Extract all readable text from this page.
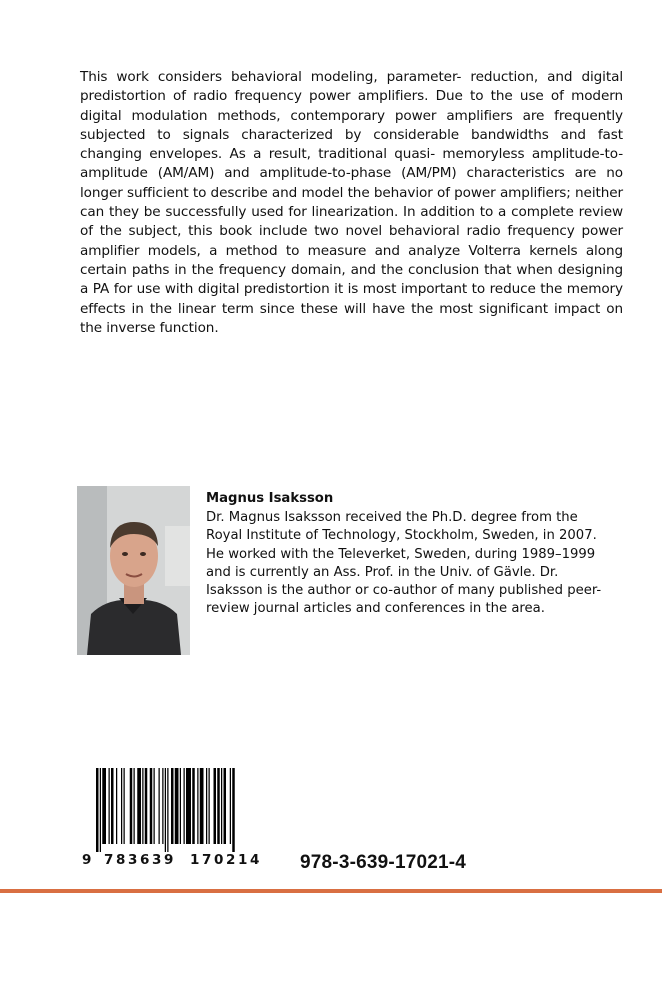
This work considers behavioral modeling, parameter- reduction, and digital predistortion of radio frequency power amplifiers. Due to the use of modern digital modulation methods, contemporary power amplifiers are frequently subjected to signals characterized by considerable bandwidths and fast changing envelopes. As a result, traditional quasi- memoryless amplitude-to-amplitude (AM/AM) and amplitude-to-phase (AM/PM) characteristics are no longer sufficient to describe and model the behavior of power amplifiers; neither can they be successfully used for linearization. In addition to a complete review of the subject, this book include two novel behavioral radio frequency power amplifier models, a method to measure and analyze Volterra kernels along certain paths in the frequency domain, and the conclusion that when designing a PA for use with digital predistortion it is most important to reduce the memory effects in the linear term since these will have the most significant impact on the inverse function.

Magnus Isaksson

Dr. Magnus Isaksson received the Ph.D. degree from the Royal Institute of Technology, Stockholm, Sweden, in 2007. He worked with the Televerket, Sweden, during 1989–1999 and is currently an Ass. Prof. in the Univ. of Gävle. Dr. Isaksson is the author or co-author of many published peer-review journal articles and conferences in the area.

9 783639 170214 978-3-639-17021-4
